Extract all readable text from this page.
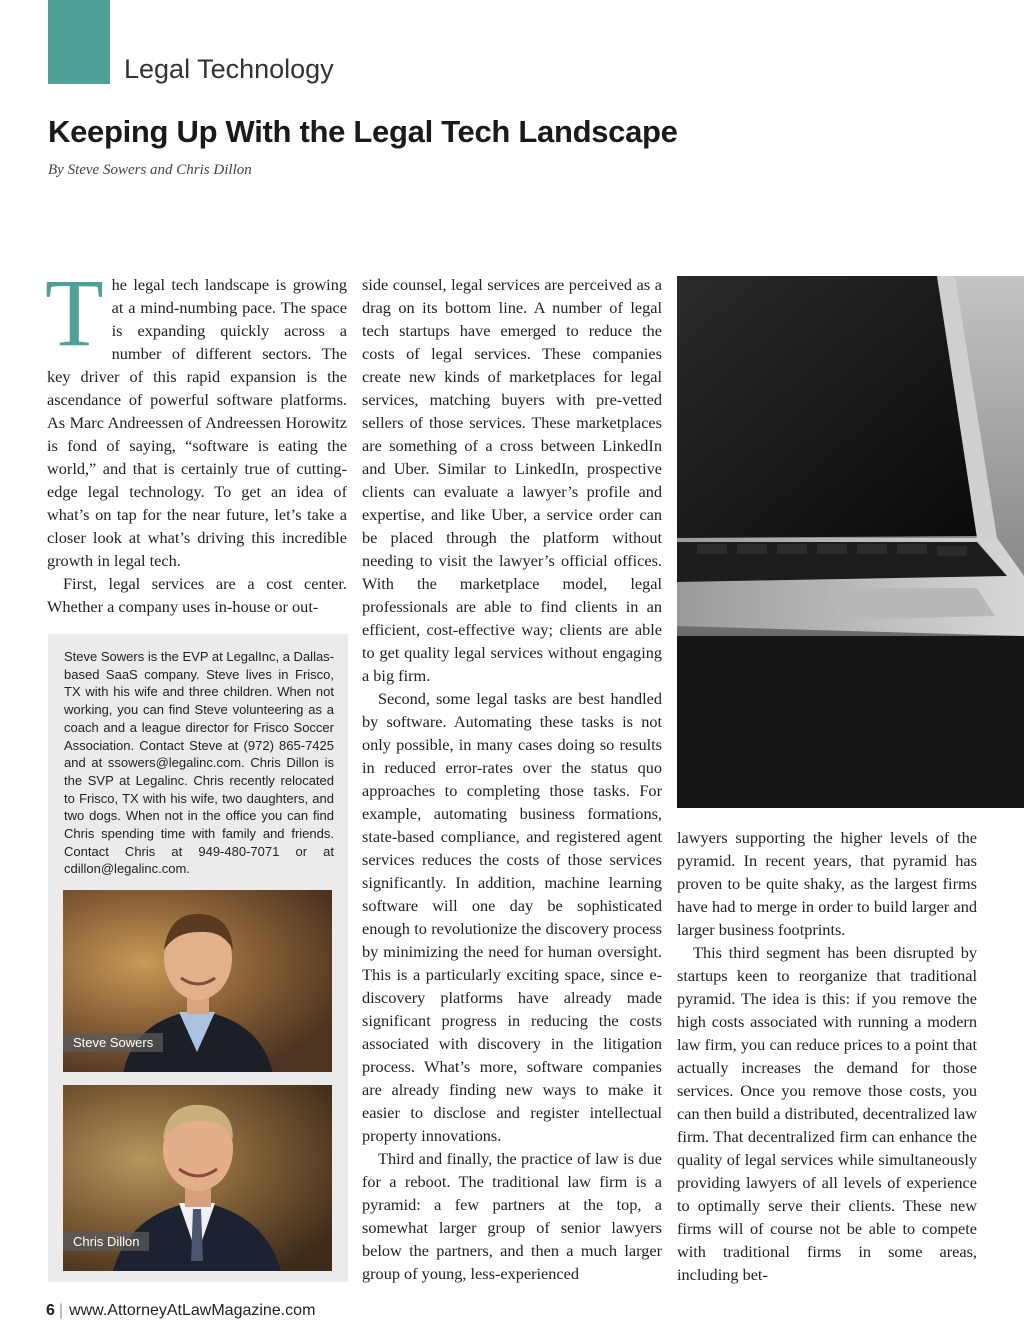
Legal Technology
Keeping Up With the Legal Tech Landscape
By Steve Sowers and Chris Dillon

The legal tech landscape is growing at a mind-numbing pace. The space is expanding quickly across a number of different sectors. The key driver of this rapid expansion is the ascendance of powerful software platforms. As Marc Andreessen of Andreessen Horowitz is fond of saying, “software is eating the world,” and that is certainly true of cutting-edge legal technology. To get an idea of what’s on tap for the near future, let’s take a closer look at what’s driving this incredible growth in legal tech.

First, legal services are a cost center. Whether a company uses in-house or out-

Steve Sowers is the EVP at LegalInc, a Dallas-based SaaS company. Steve lives in Frisco, TX with his wife and three children. When not working, you can find Steve volunteering as a coach and a league director for Frisco Soccer Association. Contact Steve at (972) 865-7425 and at ssowers@legalinc.com. Chris Dillon is the SVP at Legalinc. Chris recently relocated to Frisco, TX with his wife, two daughters, and two dogs. When not in the office you can find Chris spending time with family and friends. Contact Chris at 949-480-7071 or at cdillon@legalinc.com.
Steve Sowers
Chris Dillon

side counsel, legal services are perceived as a drag on its bottom line. A number of legal tech startups have emerged to reduce the costs of legal services. These companies create new kinds of marketplaces for legal services, matching buyers with pre-vetted sellers of those services. These marketplaces are something of a cross between LinkedIn and Uber. Similar to LinkedIn, prospective clients can evaluate a lawyer’s profile and expertise, and like Uber, a service order can be placed through the platform without needing to visit the lawyer’s official offices. With the marketplace model, legal professionals are able to find clients in an efficient, cost-effective way; clients are able to get quality legal services without engaging a big firm.

Second, some legal tasks are best handled by software. Automating these tasks is not only possible, in many cases doing so results in reduced error-rates over the status quo approaches to completing those tasks. For example, automating business formations, state-based compliance, and registered agent services reduces the costs of those services significantly. In addition, machine learning software will one day be sophisticated enough to revolutionize the discovery process by minimizing the need for human oversight. This is a particularly exciting space, since e-discovery platforms have already made significant progress in reducing the costs associated with discovery in the litigation process. What’s more, software companies are already finding new ways to make it easier to disclose and register intellectual property innovations.

Third and finally, the practice of law is due for a reboot. The traditional law firm is a pyramid: a few partners at the top, a somewhat larger group of senior lawyers below the partners, and then a much larger group of young, less-experienced

lawyers supporting the higher levels of the pyramid. In recent years, that pyramid has proven to be quite shaky, as the largest firms have had to merge in order to build larger and larger business footprints.

This third segment has been disrupted by startups keen to reorganize that traditional pyramid. The idea is this: if you remove the high costs associated with running a modern law firm, you can reduce prices to a point that actually increases the demand for those services. Once you remove those costs, you can then build a distributed, decentralized law firm. That decentralized firm can enhance the quality of legal services while simultaneously providing lawyers of all levels of experience to optimally serve their clients. These new firms will of course not be able to compete with traditional firms in some areas, including bet-

6 | www.AttorneyAtLawMagazine.com
